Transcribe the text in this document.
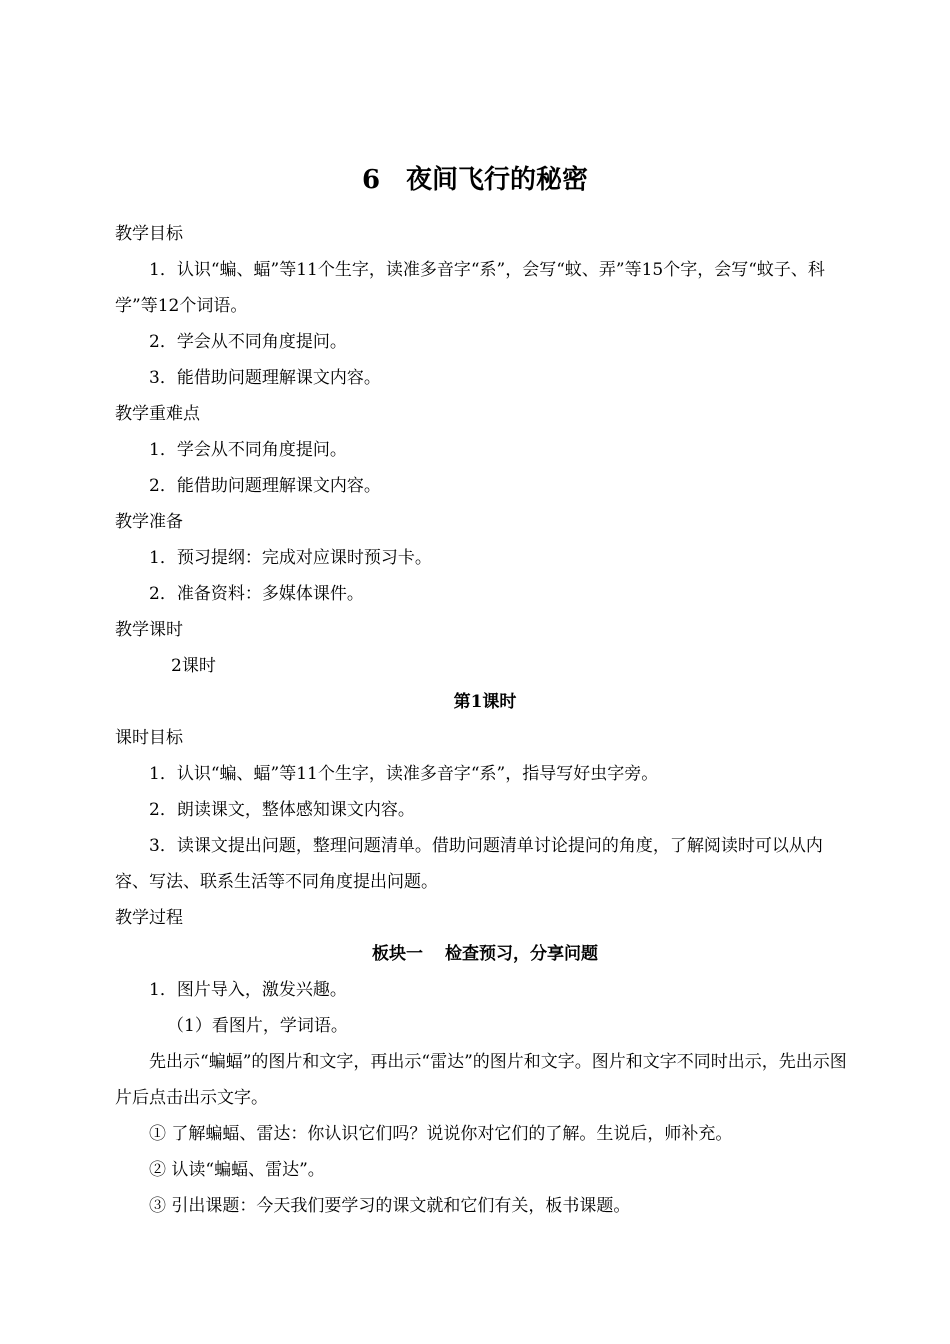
6 夜间飞行的秘密

教学目标

1．认识“蝙、蝠”等11个生字，读准多音字“系”，会写“蚊、弄”等15个字，会写“蚊子、科学”等12个词语。

2．学会从不同角度提问。

3．能借助问题理解课文内容。

教学重难点

1．学会从不同角度提问。

2．能借助问题理解课文内容。

教学准备

1．预习提纲：完成对应课时预习卡。

2．准备资料：多媒体课件。

教学课时

2课时

第1课时

课时目标

1．认识“蝙、蝠”等11个生字，读准多音字“系”，指导写好虫字旁。

2．朗读课文，整体感知课文内容。

3．读课文提出问题，整理问题清单。借助问题清单讨论提问的角度，了解阅读时可以从内容、写法、联系生活等不同角度提出问题。

教学过程

板块一 检查预习，分享问题

1．图片导入，激发兴趣。

（1）看图片，学词语。

先出示“蝙蝠”的图片和文字，再出示“雷达”的图片和文字。图片和文字不同时出示，先出示图片后点击出示文字。

① 了解蝙蝠、雷达：你认识它们吗？说说你对它们的了解。生说后，师补充。

② 认读“蝙蝠、雷达”。

③ 引出课题：今天我们要学习的课文就和它们有关，板书课题。
